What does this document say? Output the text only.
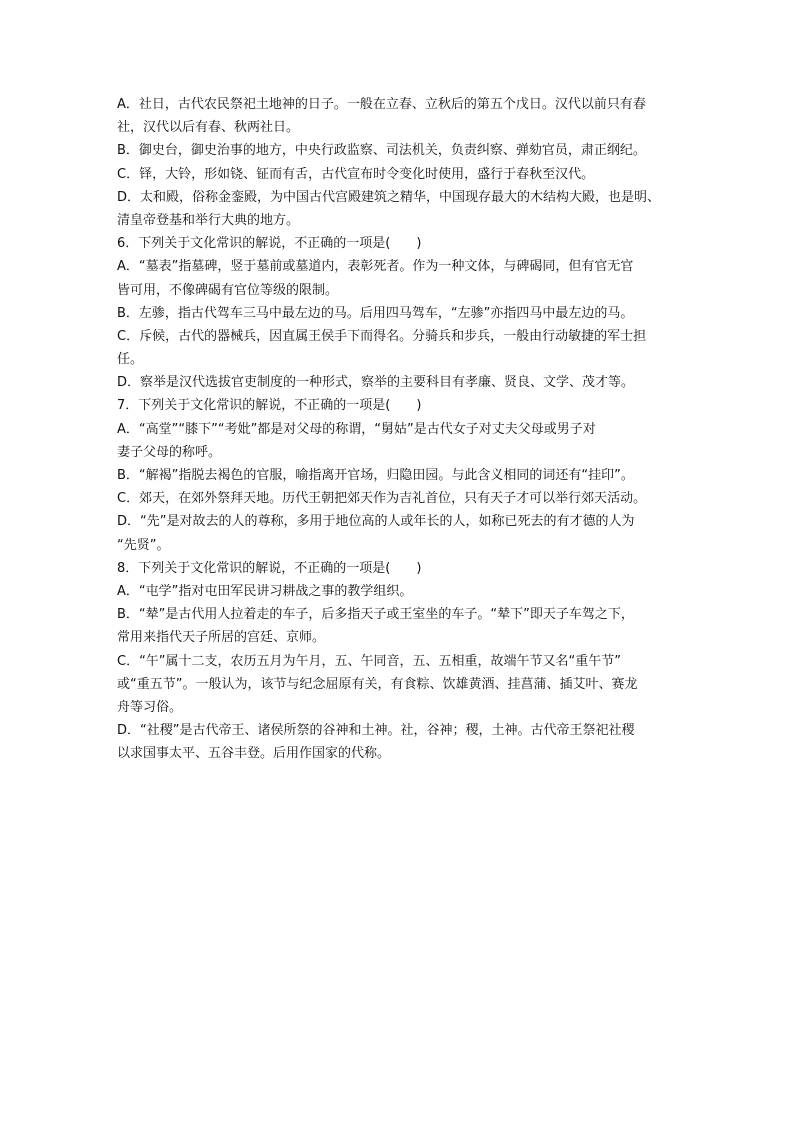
A．社日，古代农民祭祀土地神的日子。一般在立春、立秋后的第五个戊日。汉代以前只有春
社，汉代以后有春、秋两社日。
B．御史台，御史治事的地方，中央行政监察、司法机关，负责纠察、弹劾官员，肃正纲纪。
C．铎，大铃，形如铙、钲而有舌，古代宣布时令变化时使用，盛行于春秋至汉代。
D．太和殿，俗称金銮殿，为中国古代宫殿建筑之精华，中国现存最大的木结构大殿，也是明、
清皇帝登基和举行大典的地方。
6．下列关于文化常识的解说，不正确的一项是(　　)
A．“墓表”指墓碑，竖于墓前或墓道内，表彰死者。作为一种文体，与碑碣同，但有官无官
皆可用，不像碑碣有官位等级的限制。
B．左骖，指古代驾车三马中最左边的马。后用四马驾车，“左骖”亦指四马中最左边的马。
C．斥候，古代的器械兵，因直属王侯手下而得名。分骑兵和步兵，一般由行动敏捷的军士担
任。
D．察举是汉代选拔官吏制度的一种形式，察举的主要科目有孝廉、贤良、文学、茂才等。
7．下列关于文化常识的解说，不正确的一项是(　　)
A．“高堂”“膝下”“考妣”都是对父母的称谓，“舅姑”是古代女子对丈夫父母或男子对
妻子父母的称呼。
B．“解褐”指脱去褐色的官服，喻指离开官场，归隐田园。与此含义相同的词还有“挂印”。
C．郊天，在郊外祭拜天地。历代王朝把郊天作为吉礼首位，只有天子才可以举行郊天活动。
D．“先”是对故去的人的尊称，多用于地位高的人或年长的人，如称已死去的有才德的人为
“先贤”。
8．下列关于文化常识的解说，不正确的一项是(　　)
A．“屯学”指对屯田军民讲习耕战之事的教学组织。
B．“辇”是古代用人拉着走的车子，后多指天子或王室坐的车子。“辇下”即天子车驾之下，
常用来指代天子所居的宫廷、京师。
C．“午”属十二支，农历五月为午月，五、午同音，五、五相重，故端午节又名“重午节”
或“重五节”。一般认为，该节与纪念屈原有关，有食粽、饮雄黄酒、挂菖蒲、插艾叶、赛龙
舟等习俗。
D．“社稷”是古代帝王、诸侯所祭的谷神和土神。社，谷神；稷，土神。古代帝王祭祀社稷
以求国事太平、五谷丰登。后用作国家的代称。
